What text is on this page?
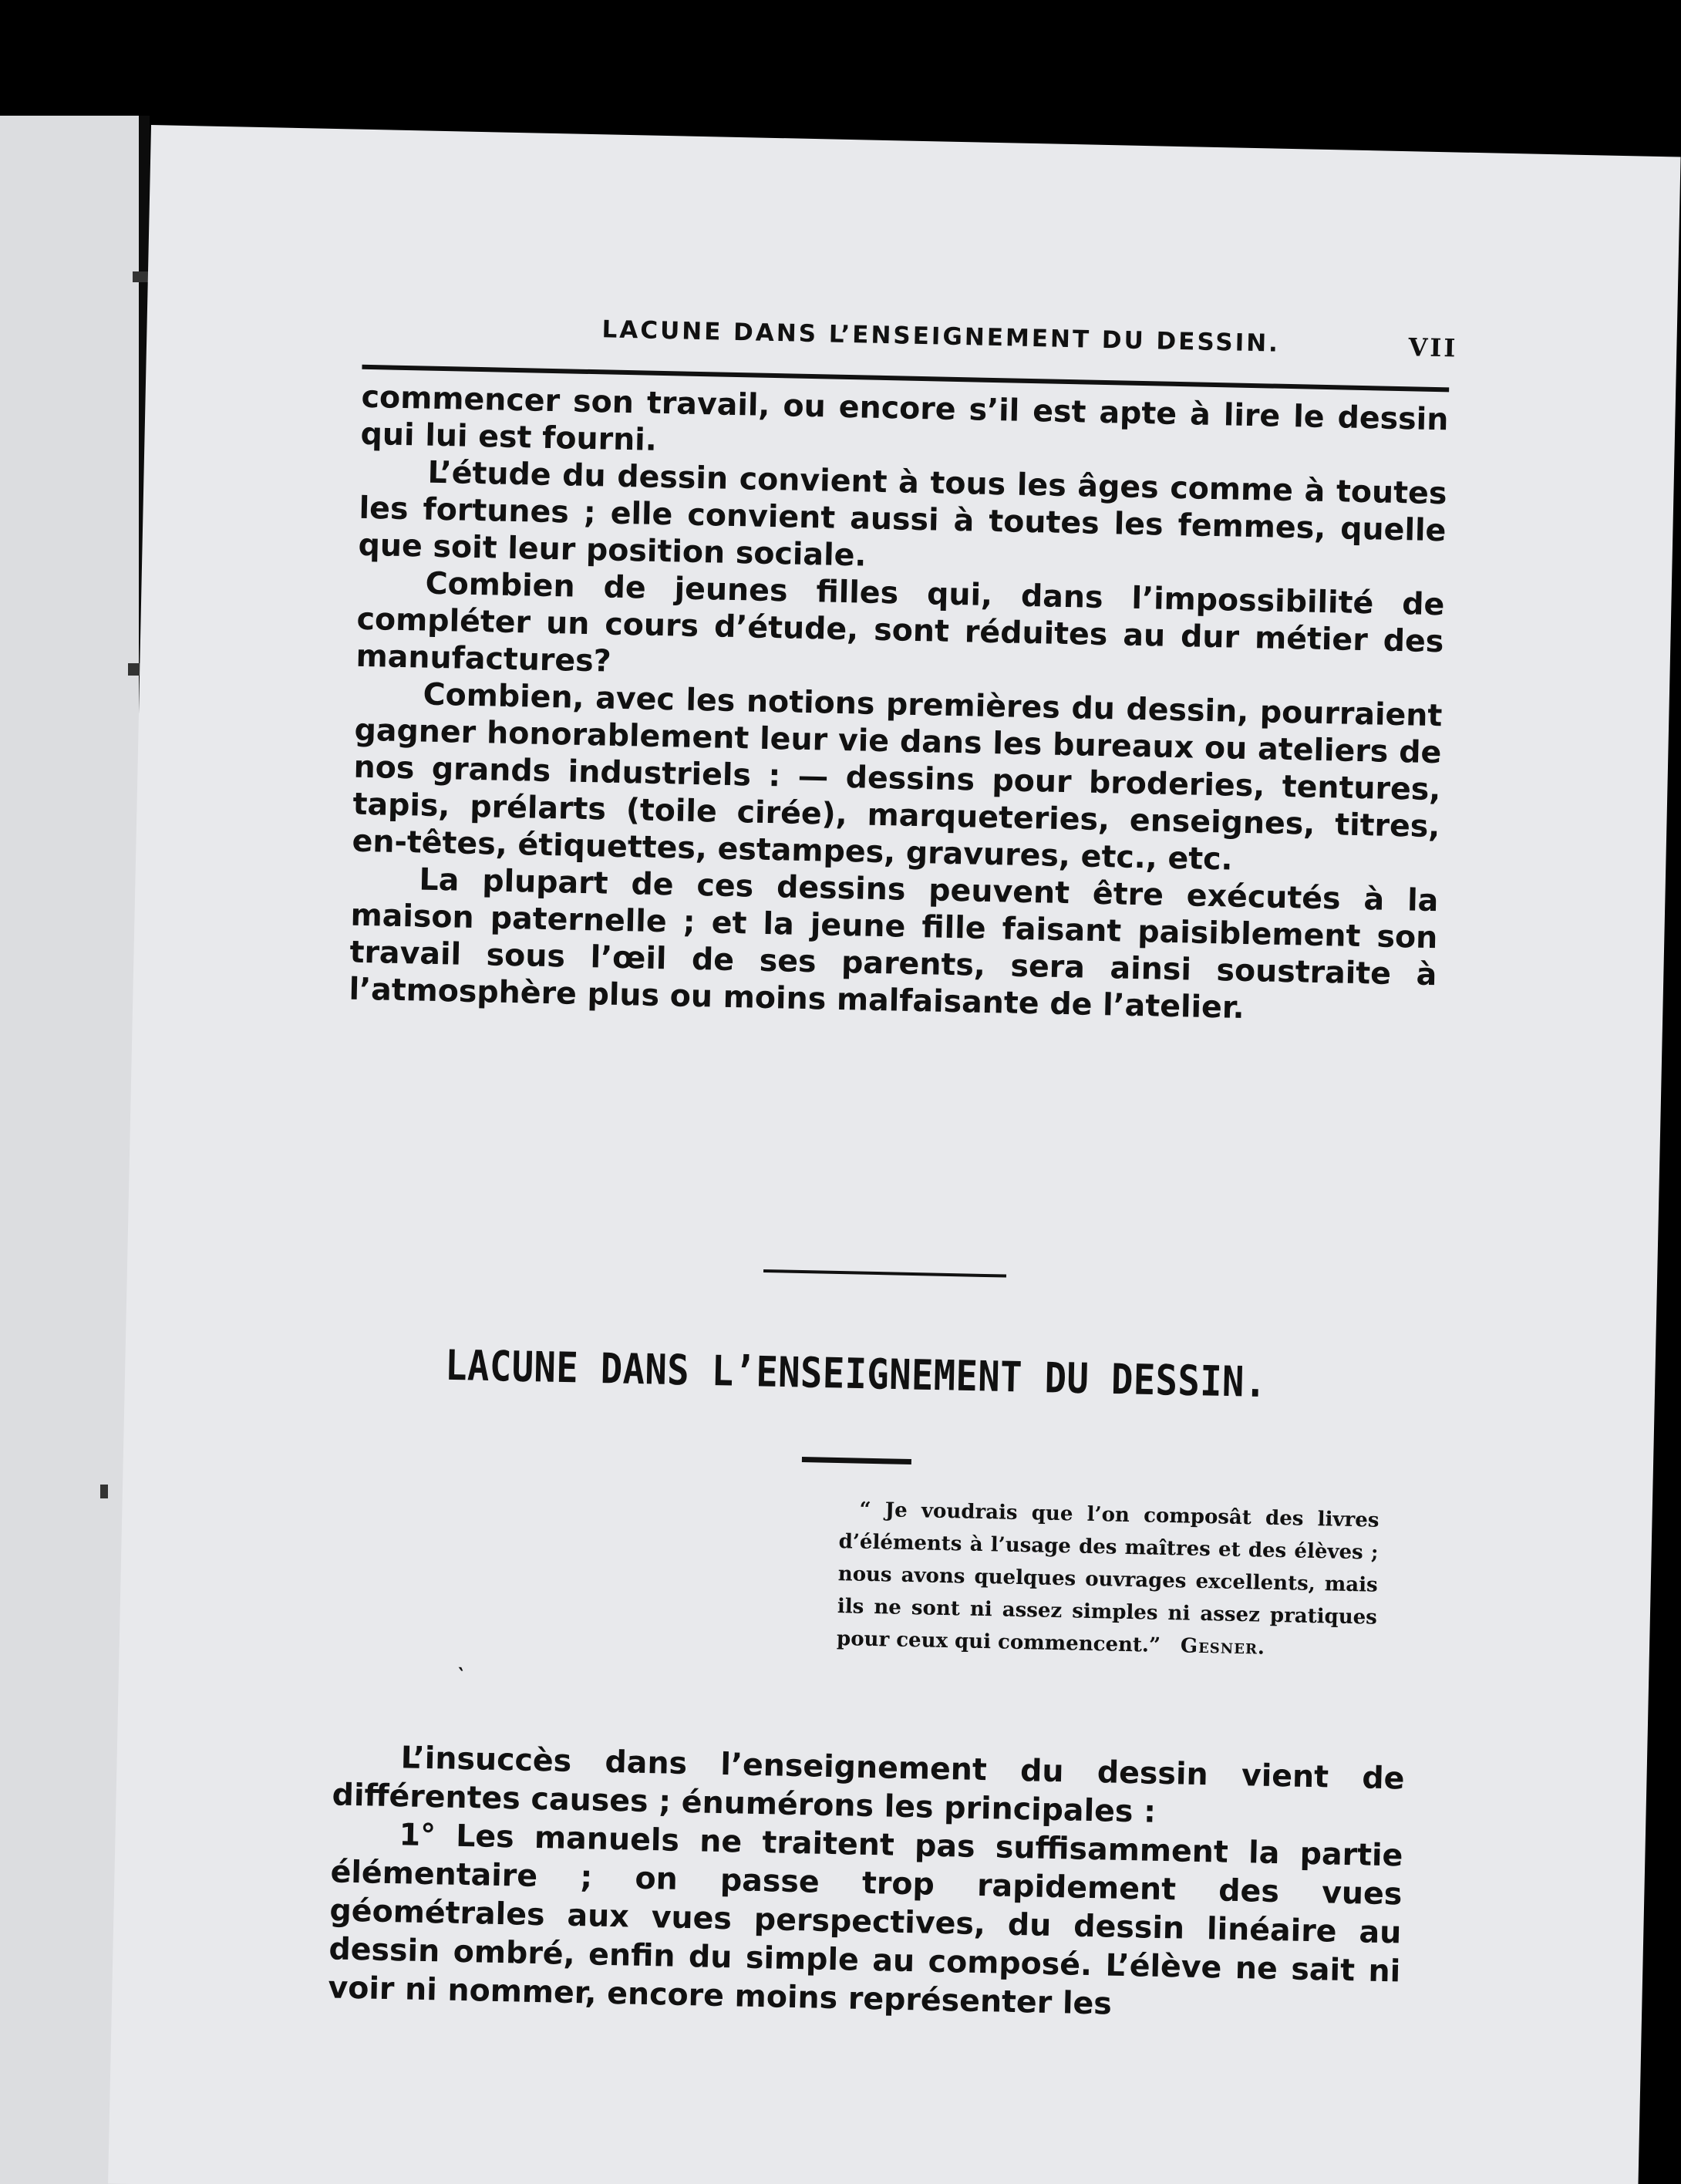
LACUNE DANS L’ENSEIGNEMENT DU DESSIN.	VII

commencer son travail, ou encore s’il est apte à lire le dessin qui lui est fourni.

L’étude du dessin convient à tous les âges comme à toutes les fortunes ; elle convient aussi à toutes les femmes, quelle que soit leur position sociale.

Combien de jeunes filles qui, dans l’impossibilité de compléter un cours d’étude, sont réduites au dur métier des manufactures?

Combien, avec les notions premières du dessin, pourraient gagner honorablement leur vie dans les bureaux ou ateliers de nos grands industriels : — dessins pour broderies, tentures, tapis, prélarts (toile cirée), marqueteries, enseignes, titres, en-têtes, étiquettes, estampes, gravures, etc., etc.

La plupart de ces dessins peuvent être exécutés à la maison paternelle ; et la jeune fille faisant paisiblement son travail sous l’œil de ses parents, sera ainsi soustraite à l’atmosphère plus ou moins malfaisante de l’atelier.

LACUNE DANS L’ENSEIGNEMENT DU DESSIN.

“ Je voudrais que l’on composât des livres d’éléments à l’usage des maîtres et des élèves ; nous avons quelques ouvrages excellents, mais ils ne sont ni assez simples ni assez pratiques pour ceux qui commencent.” Gesner.

‵

L’insuccès dans l’enseignement du dessin vient de différentes causes ; énumérons les principales :

1° Les manuels ne traitent pas suffisamment la partie élémentaire ; on passe trop rapidement des vues géométrales aux vues perspectives, du dessin linéaire au dessin ombré, enfin du simple au composé. L’élève ne sait ni voir ni nommer, encore moins représenter les
